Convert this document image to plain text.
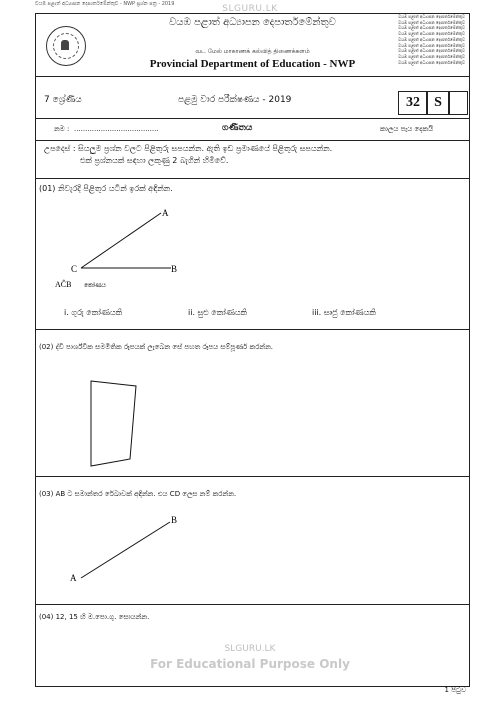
වයඹ පළාත් අධ්‍යාපන දෙපාර්තමේන්තුව - NWP ප්‍රශ්න පත්‍ර - 2019	SLGURU.LK
වයඹ පළාත් අධ්‍යාපන දෙපාර්තමේන්තුව
வட மேல் மாகாணக் கல்வித் திணைக்களம்
Provincial Department of Education - NWP
වයඹ පළාත් අධ්‍යාපන දෙපාර්තමේන්තුව
වයඹ පළාත් අධ්‍යාපන දෙපාර්තමේන්තුව
වයඹ පළාත් අධ්‍යාපන දෙපාර්තමේන්තුව
වයඹ පළාත් අධ්‍යාපන දෙපාර්තමේන්තුව
වයඹ පළාත් අධ්‍යාපන දෙපාර්තමේන්තුව
වයඹ පළාත් අධ්‍යාපන දෙපාර්තමේන්තුව
වයඹ පළාත් අධ්‍යාපන දෙපාර්තමේන්තුව
වයඹ පළාත් අධ්‍යාපන දෙපාර්තමේන්තුව
වයඹ පළාත් අධ්‍යාපන දෙපාර්තමේන්තුව
7 ශ්‍රේණිය	පළමු වාර පරීක්ෂණය - 2019	32	S
නම : ......................................	ගණිතය	කාලය පැය දෙකයි
උපදෙස් : සියලුම ප්‍රශ්න වලට පිළිතුරු සපයන්න. ඇති ඉඩ ප්‍රමාණයේ පිළිතුරු සපයන්න.
එක් ප්‍රශ්නයක් සඳහා ලකුණු 2 බැගින් හිමිවේ.
(01) නිවැරදි පිළිතුර යටින් ඉරක් අඳින්න.
A
B
C
AĈB කෝණය
i. ගුරු කෝණයකි	ii. සුළු කෝණයකි	iii. සෘජු කෝණයකි
(02) ද්වි පාර්ශ්වික සමමිතික රූපයක් ලැබෙන සේ පහත රූපය සම්පූර්ණ කරන්න.
(03) AB ට සමාන්තර රේඛාවක් අඳින්න. එය CD ලෙස නම් කරන්න.
A
B
(04) 12, 15 හි ම.පො.ගු. සොයන්න.
SLGURU.LK
For Educational Purpose Only
1 පිටුව
